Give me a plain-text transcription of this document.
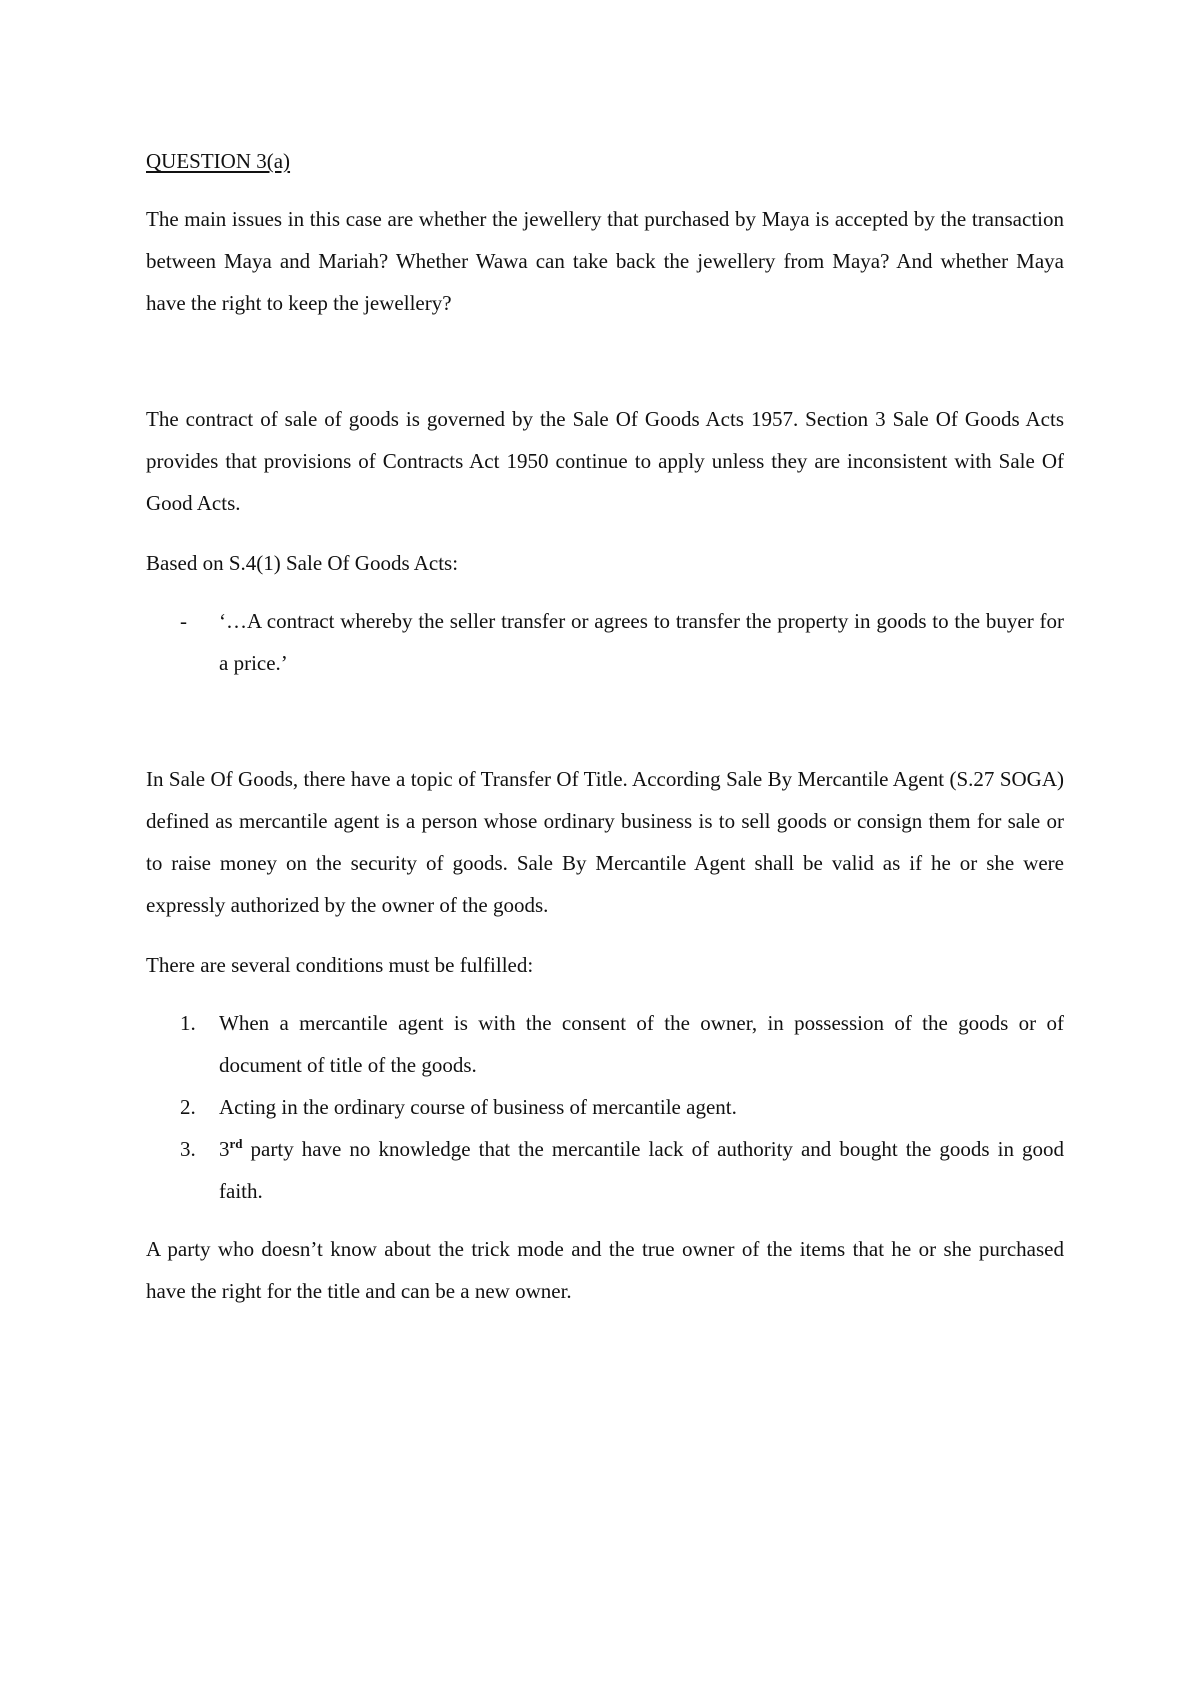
QUESTION 3(a)

The main issues in this case are whether the jewellery that purchased by Maya is accepted by the transaction between Maya and Mariah? Whether Wawa can take back the jewellery from Maya? And whether Maya have the right to keep the jewellery?

The contract of sale of goods is governed by the Sale Of Goods Acts 1957. Section 3 Sale Of Goods Acts provides that provisions of Contracts Act 1950 continue to apply unless they are inconsistent with Sale Of Good Acts.

Based on S.4(1) Sale Of Goods Acts:

- ‘…A contract whereby the seller transfer or agrees to transfer the property in goods to the buyer for a price.’

In Sale Of Goods, there have a topic of Transfer Of Title. According Sale By Mercantile Agent (S.27 SOGA) defined as mercantile agent is a person whose ordinary business is to sell goods or consign them for sale or to raise money on the security of goods. Sale By Mercantile Agent shall be valid as if he or she were expressly authorized by the owner of the goods.

There are several conditions must be fulfilled:

1. When a mercantile agent is with the consent of the owner, in possession of the goods or of document of title of the goods.

2. Acting in the ordinary course of business of mercantile agent.

3. 3rd party have no knowledge that the mercantile lack of authority and bought the goods in good faith.

A party who doesn’t know about the trick mode and the true owner of the items that he or she purchased have the right for the title and can be a new owner.
